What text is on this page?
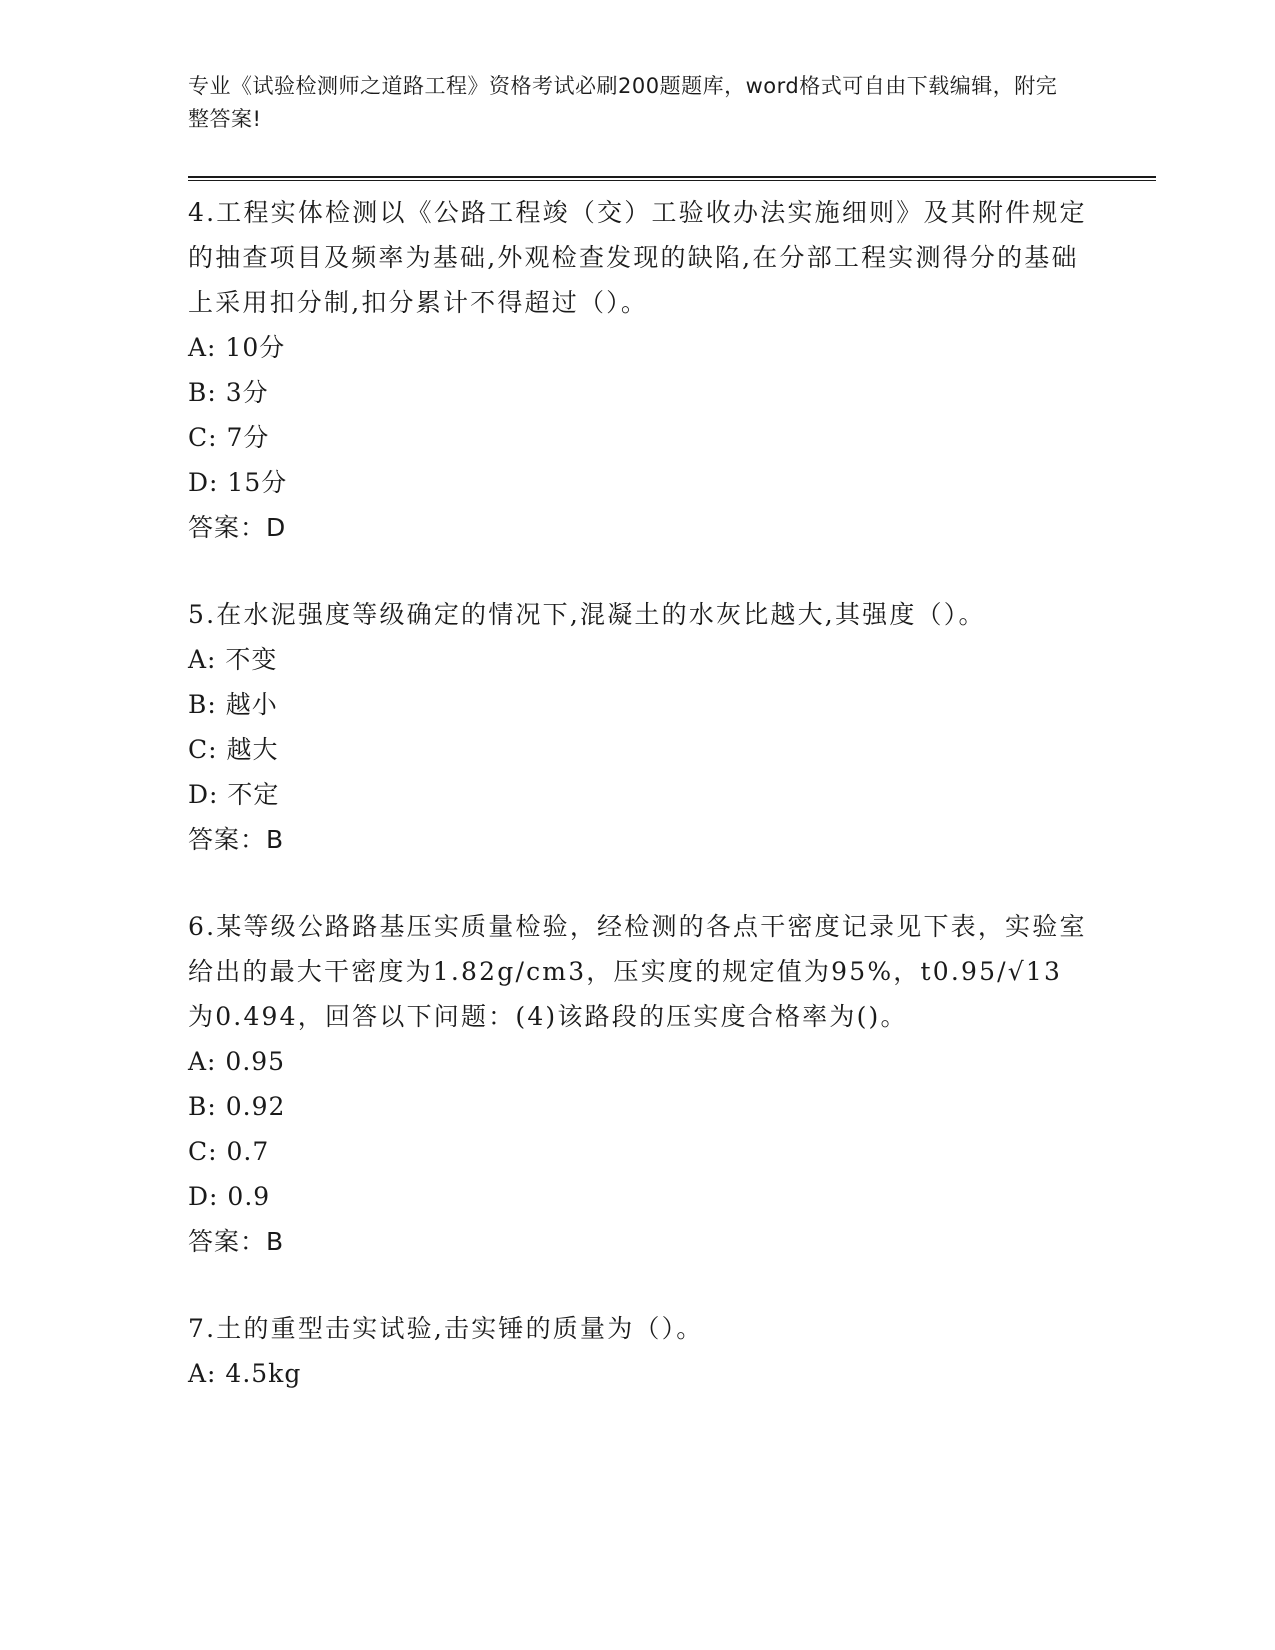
专业《试验检测师之道路工程》资格考试必刷200题题库，word格式可自由下载编辑，附完整答案!

4.工程实体检测以《公路工程竣（交）工验收办法实施细则》及其附件规定的抽查项目及频率为基础,外观检查发现的缺陷,在分部工程实测得分的基础上采用扣分制,扣分累计不得超过（）。

A: 10分

B: 3分

C: 7分

D: 15分

答案：D

5.在水泥强度等级确定的情况下,混凝土的水灰比越大,其强度（）。

A: 不变

B: 越小

C: 越大

D: 不定

答案：B

6.某等级公路路基压实质量检验，经检测的各点干密度记录见下表，实验室给出的最大干密度为1.82g/cm3，压实度的规定值为95%，t0.95/√13为0.494，回答以下问题：(4)该路段的压实度合格率为()。

A: 0.95

B: 0.92

C: 0.7

D: 0.9

答案：B

7.土的重型击实试验,击实锤的质量为（）。

A: 4.5kg
